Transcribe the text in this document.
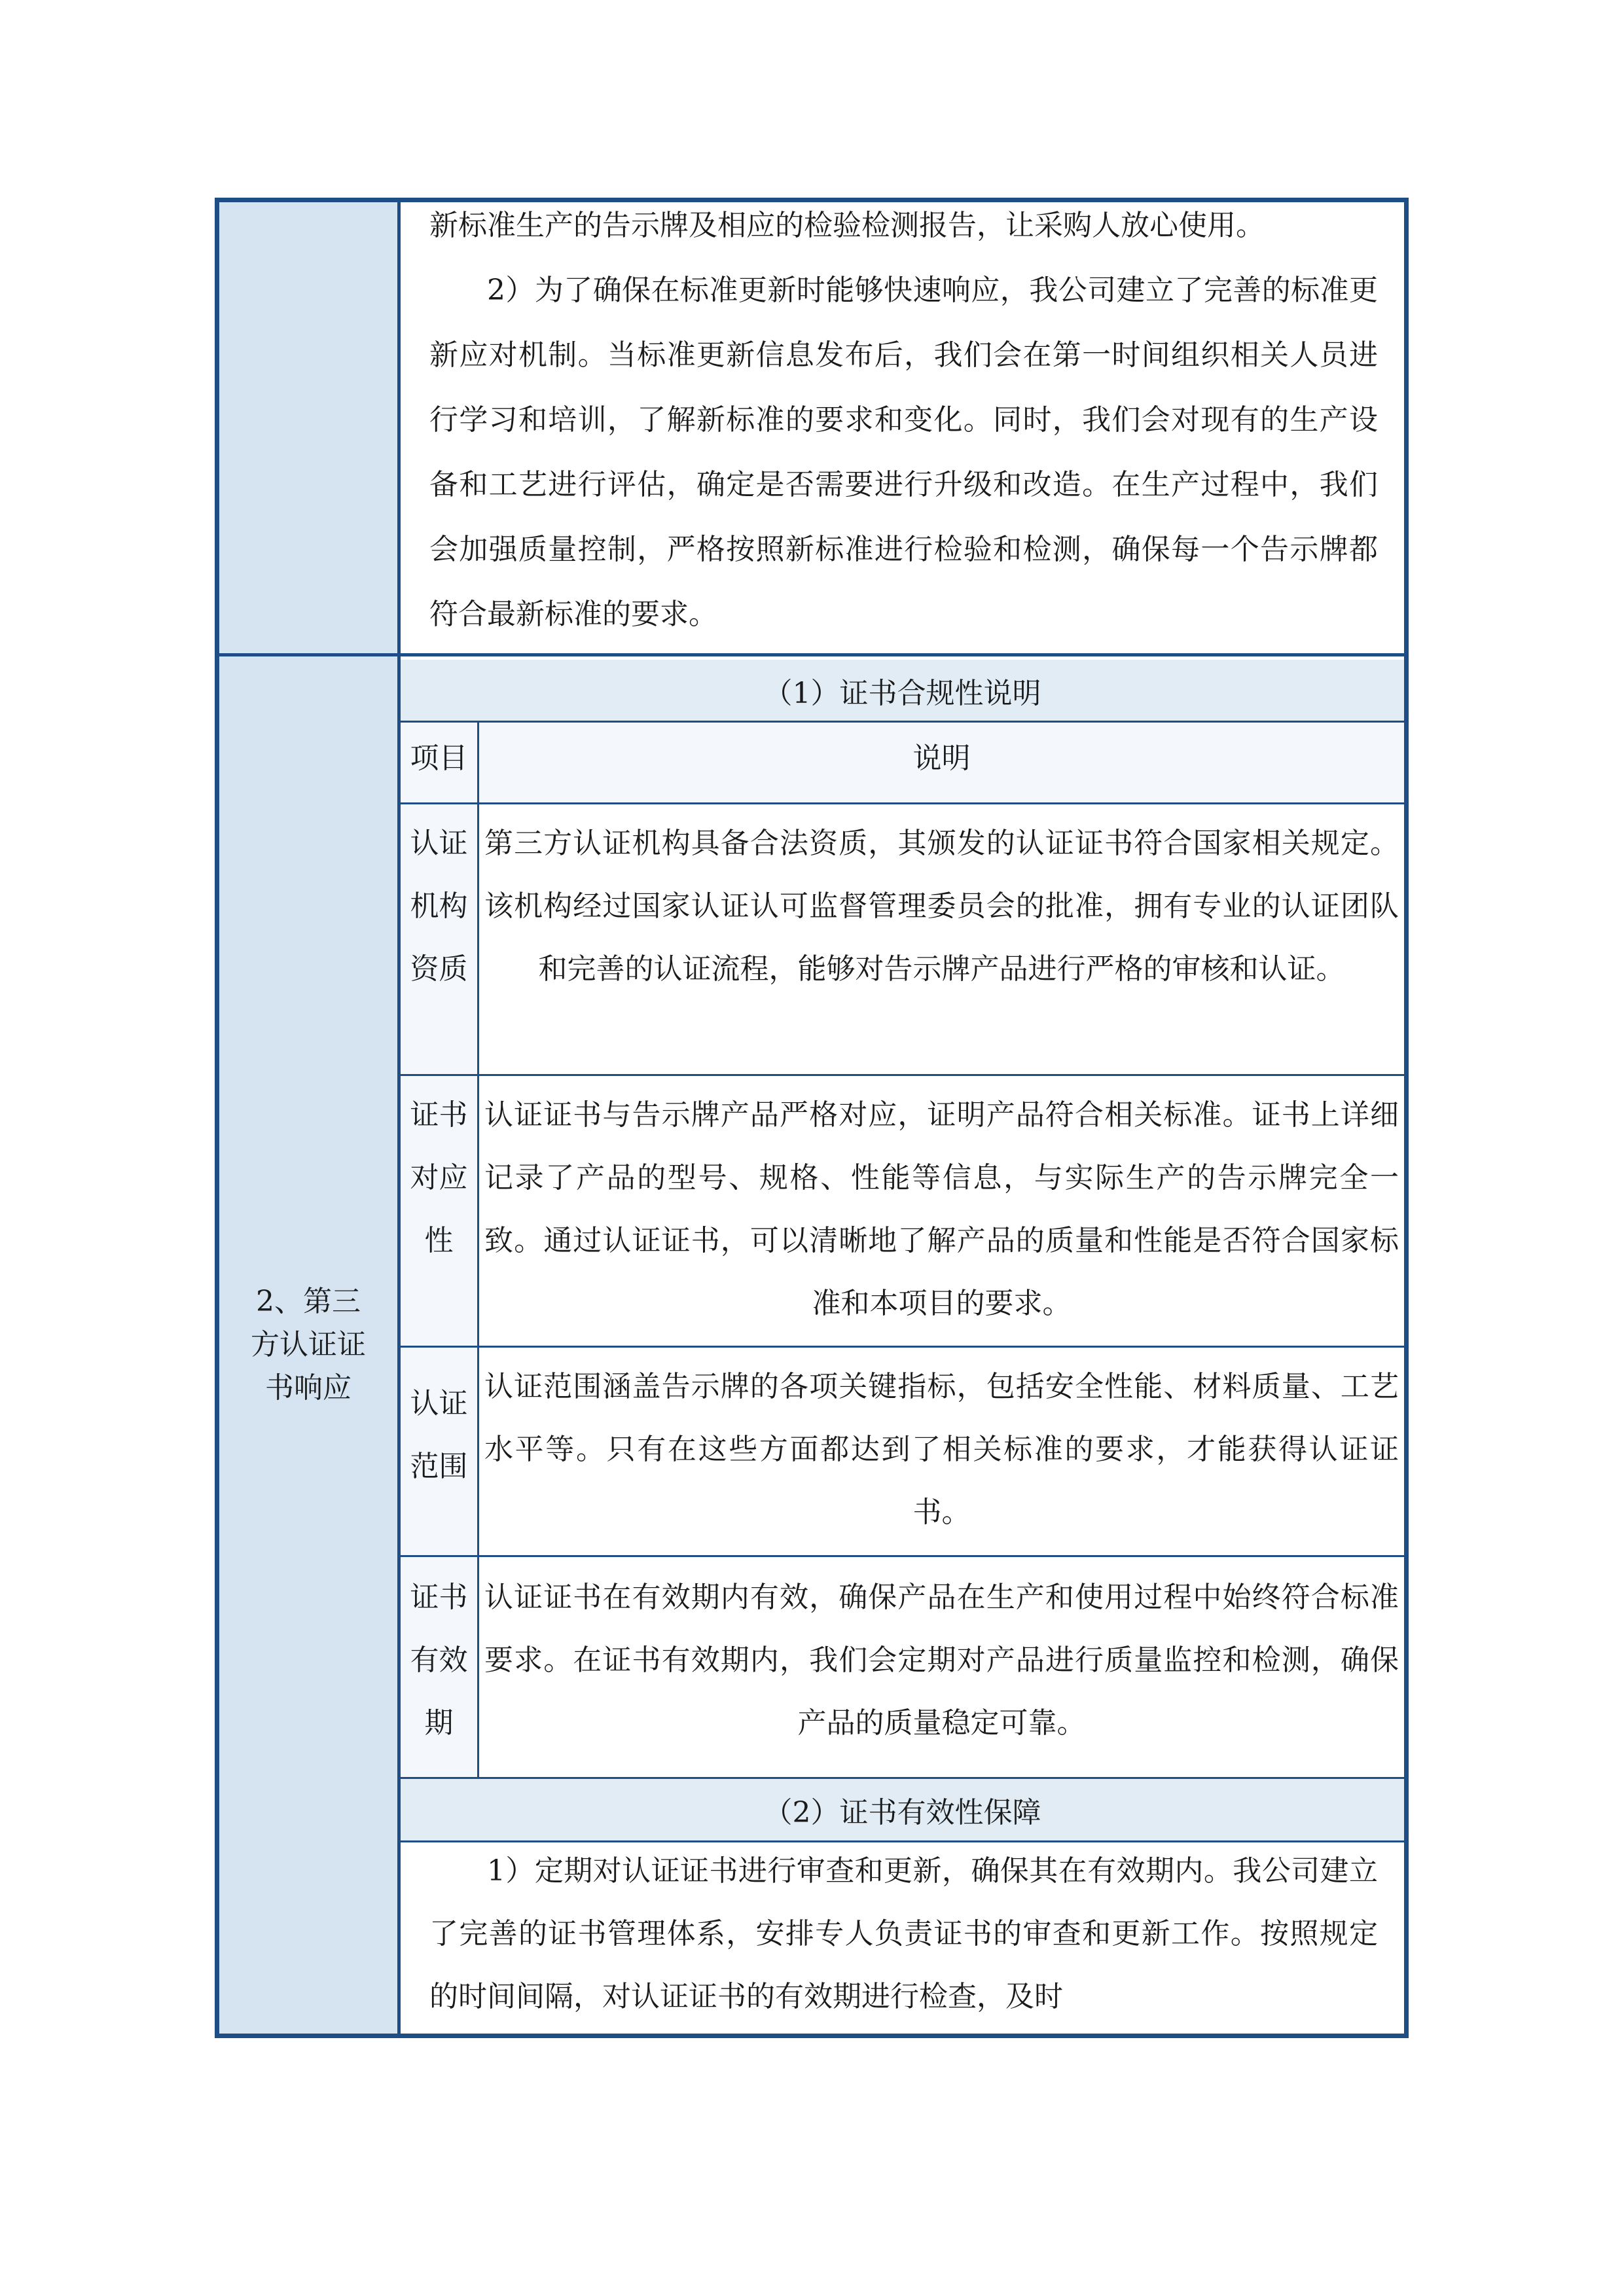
2、第三方认证证书响应

新标准生产的告示牌及相应的检验检测报告，让采购人放心使用。

2）为了确保在标准更新时能够快速响应，我公司建立了完善的标准更新应对机制。当标准更新信息发布后，我们会在第一时间组织相关人员进行学习和培训，了解新标准的要求和变化。同时，我们会对现有的生产设备和工艺进行评估，确定是否需要进行升级和改造。在生产过程中，我们会加强质量控制，严格按照新标准进行检验和检测，确保每一个告示牌都符合最新标准的要求。

（1）证书合规性说明
项目	说明
认证机构资质
第三方认证机构具备合法资质，其颁发的认证证书符合国家相关规定。该机构经过国家认证认可监督管理委员会的批准，拥有专业的认证团队和完善的认证流程，能够对告示牌产品进行严格的审核和认证。
证书对应性
认证证书与告示牌产品严格对应，证明产品符合相关标准。证书上详细记录了产品的型号、规格、性能等信息，与实际生产的告示牌完全一致。通过认证证书，可以清晰地了解产品的质量和性能是否符合国家标准和本项目的要求。
认证范围
认证范围涵盖告示牌的各项关键指标，包括安全性能、材料质量、工艺水平等。只有在这些方面都达到了相关标准的要求，才能获得认证证书。
证书有效期
认证证书在有效期内有效，确保产品在生产和使用过程中始终符合标准要求。在证书有效期内，我们会定期对产品进行质量监控和检测，确保产品的质量稳定可靠。
（2）证书有效性保障

1）定期对认证证书进行审查和更新，确保其在有效期内。我公司建立了完善的证书管理体系，安排专人负责证书的审查和更新工作。按照规定的时间间隔，对认证证书的有效期进行检查，及时
